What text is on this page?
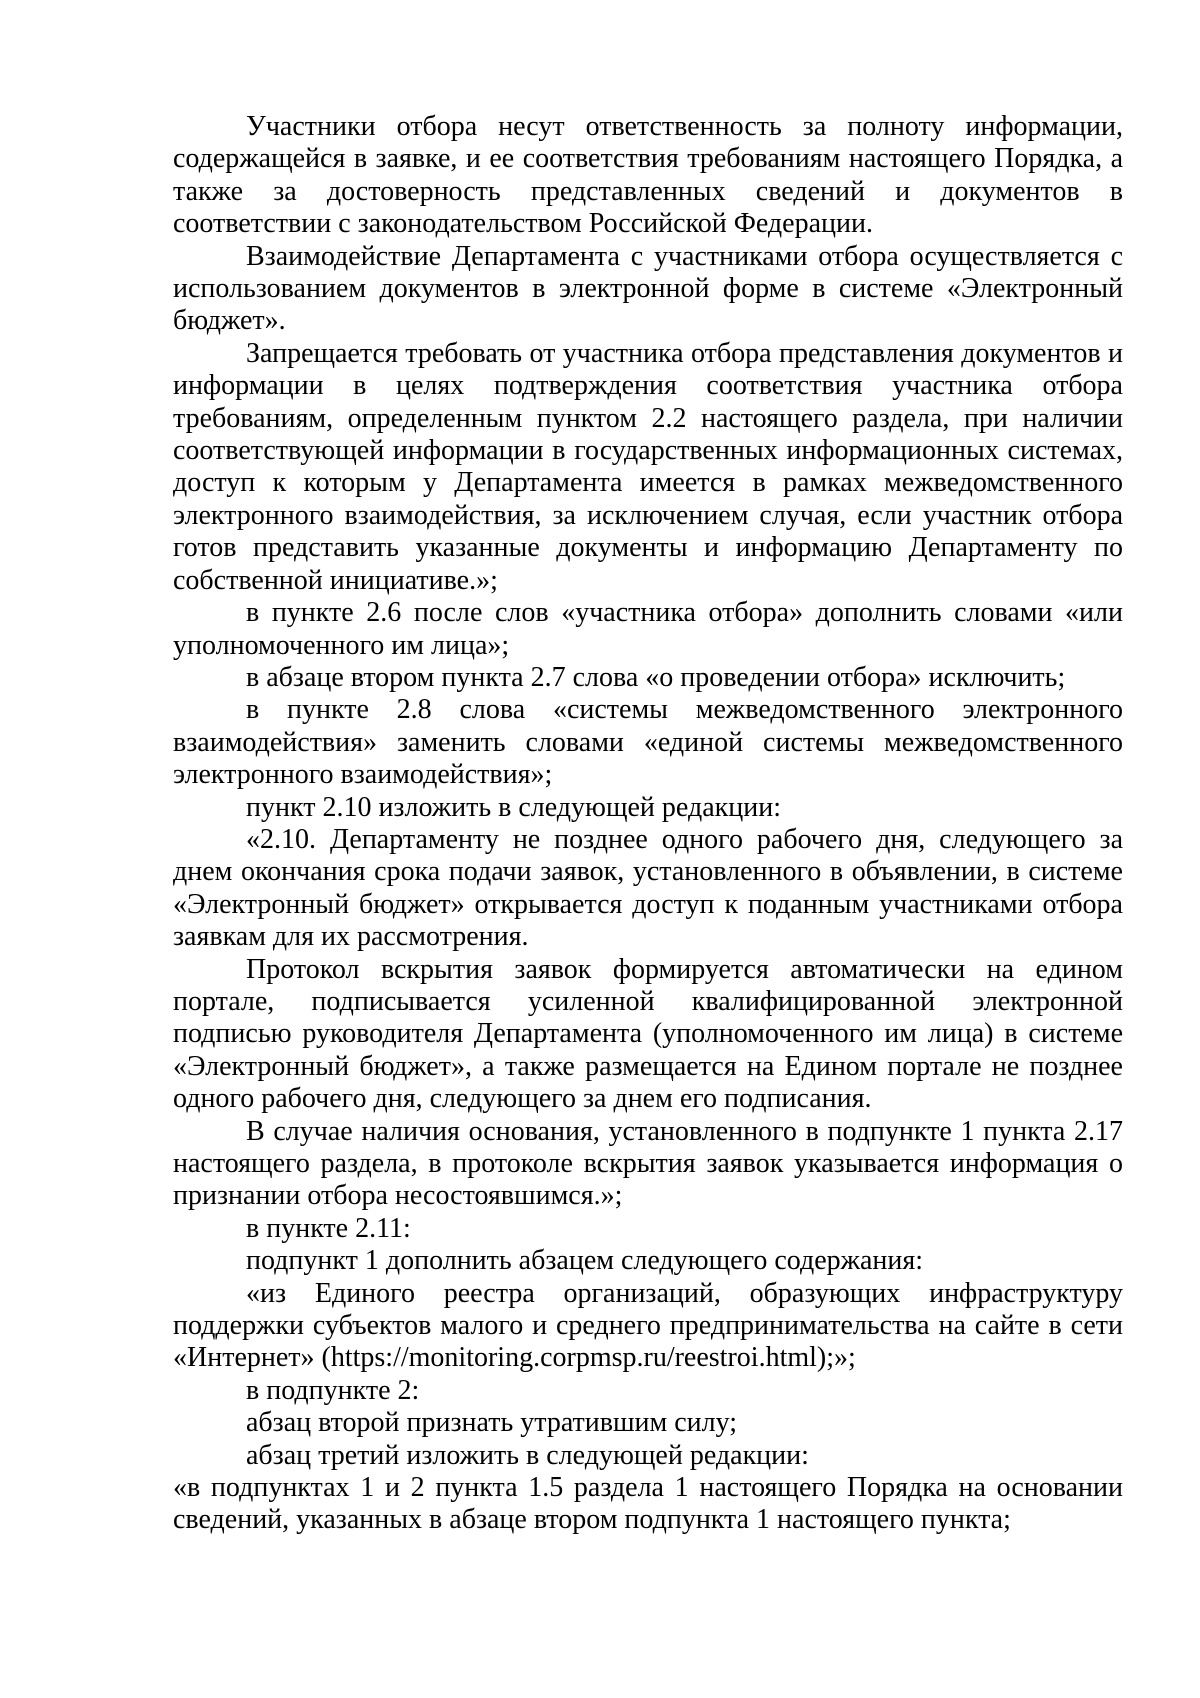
Участники отбора несут ответственность за полноту информации, содержащейся в заявке, и ее соответствия требованиям настоящего Порядка, а также за достоверность представленных сведений и документов в соответствии с законодательством Российской Федерации.

Взаимодействие Департамента с участниками отбора осуществляется с использованием документов в электронной форме в системе «Электронный бюджет».

Запрещается требовать от участника отбора представления документов и информации в целях подтверждения соответствия участника отбора требованиям, определенным пунктом 2.2 настоящего раздела, при наличии соответствующей информации в государственных информационных системах, доступ к которым у Департамента имеется в рамках межведомственного электронного взаимодействия, за исключением случая, если участник отбора готов представить указанные документы и информацию Департаменту по собственной инициативе.»;

в пункте 2.6 после слов «участника отбора» дополнить словами «или уполномоченного им лица»;

в абзаце втором пункта 2.7 слова «о проведении отбора» исключить;

в пункте 2.8 слова «системы межведомственного электронного взаимодействия» заменить словами «единой системы межведомственного электронного взаимодействия»;

пункт 2.10 изложить в следующей редакции:

«2.10. Департаменту не позднее одного рабочего дня, следующего за днем окончания срока подачи заявок, установленного в объявлении, в системе «Электронный бюджет» открывается доступ к поданным участниками отбора заявкам для их рассмотрения.

Протокол вскрытия заявок формируется автоматически на едином портале, подписывается усиленной квалифицированной электронной подписью руководителя Департамента (уполномоченного им лица) в системе «Электронный бюджет», а также размещается на Едином портале не позднее одного рабочего дня, следующего за днем его подписания.

В случае наличия основания, установленного в подпункте 1 пункта 2.17 настоящего раздела, в протоколе вскрытия заявок указывается информация о признании отбора несостоявшимся.»;

в пункте 2.11:

подпункт 1 дополнить абзацем следующего содержания:

«из Единого реестра организаций, образующих инфраструктуру поддержки субъектов малого и среднего предпринимательства на сайте в сети «Интернет» (https://monitoring.corpmsp.ru/reestroi.html);»;

в подпункте 2:

абзац второй признать утратившим силу;

абзац третий изложить в следующей редакции:

«в подпунктах 1 и 2 пункта 1.5 раздела 1 настоящего Порядка на основании сведений, указанных в абзаце втором подпункта 1 настоящего пункта;
